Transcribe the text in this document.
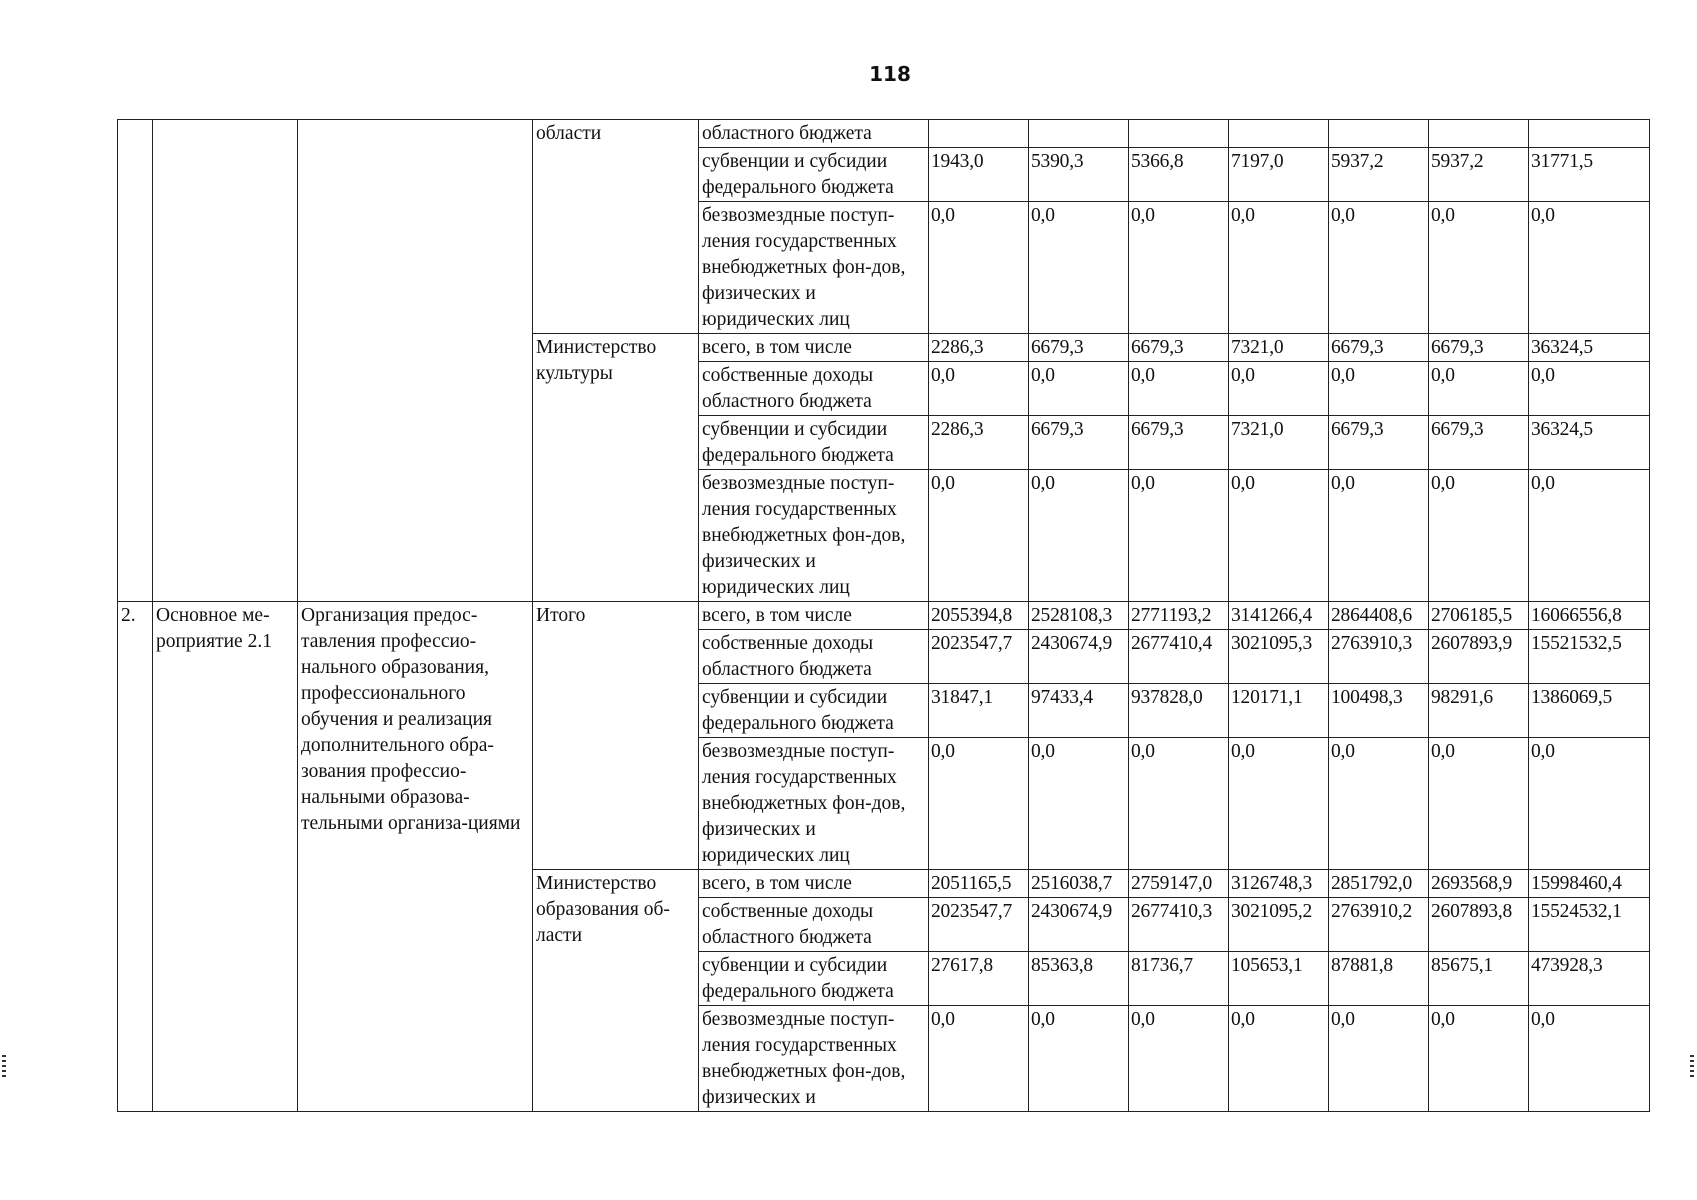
118
			области	областного бюджета							
				субвенции и субсидии федерального бюджета	1943,0	5390,3	5366,8	7197,0	5937,2	5937,2	31771,5
				безвозмездные поступ-ления государственных внебюджетных фон-дов, физических и юридических лиц	0,0	0,0	0,0	0,0	0,0	0,0	0,0
			Министерство культуры	всего, в том числе	2286,3	6679,3	6679,3	7321,0	6679,3	6679,3	36324,5
				собственные доходы областного бюджета	0,0	0,0	0,0	0,0	0,0	0,0	0,0
				субвенции и субсидии федерального бюджета	2286,3	6679,3	6679,3	7321,0	6679,3	6679,3	36324,5
				безвозмездные поступ-ления государственных внебюджетных фон-дов, физических и юридических лиц	0,0	0,0	0,0	0,0	0,0	0,0	0,0
2.	Основное ме-роприятие 2.1	Организация предос-тавления профессио-нального образования, профессионального обучения и реализация дополнительного обра-зования профессио-нальными образова-тельными организа-циями	Итого	всего, в том числе	2055394,8	2528108,3	2771193,2	3141266,4	2864408,6	2706185,5	16066556,8
				собственные доходы областного бюджета	2023547,7	2430674,9	2677410,4	3021095,3	2763910,3	2607893,9	15521532,5
				субвенции и субсидии федерального бюджета	31847,1	97433,4	937828,0	120171,1	100498,3	98291,6	1386069,5
				безвозмездные поступ-ления государственных внебюджетных фон-дов, физических и юридических лиц	0,0	0,0	0,0	0,0	0,0	0,0	0,0
			Министерство образования об-ласти	всего, в том числе	2051165,5	2516038,7	2759147,0	3126748,3	2851792,0	2693568,9	15998460,4
				собственные доходы областного бюджета	2023547,7	2430674,9	2677410,3	3021095,2	2763910,2	2607893,8	15524532,1
				субвенции и субсидии федерального бюджета	27617,8	85363,8	81736,7	105653,1	87881,8	85675,1	473928,3
				безвозмездные поступ-ления государственных внебюджетных фон-дов, физических и	0,0	0,0	0,0	0,0	0,0	0,0	0,0
